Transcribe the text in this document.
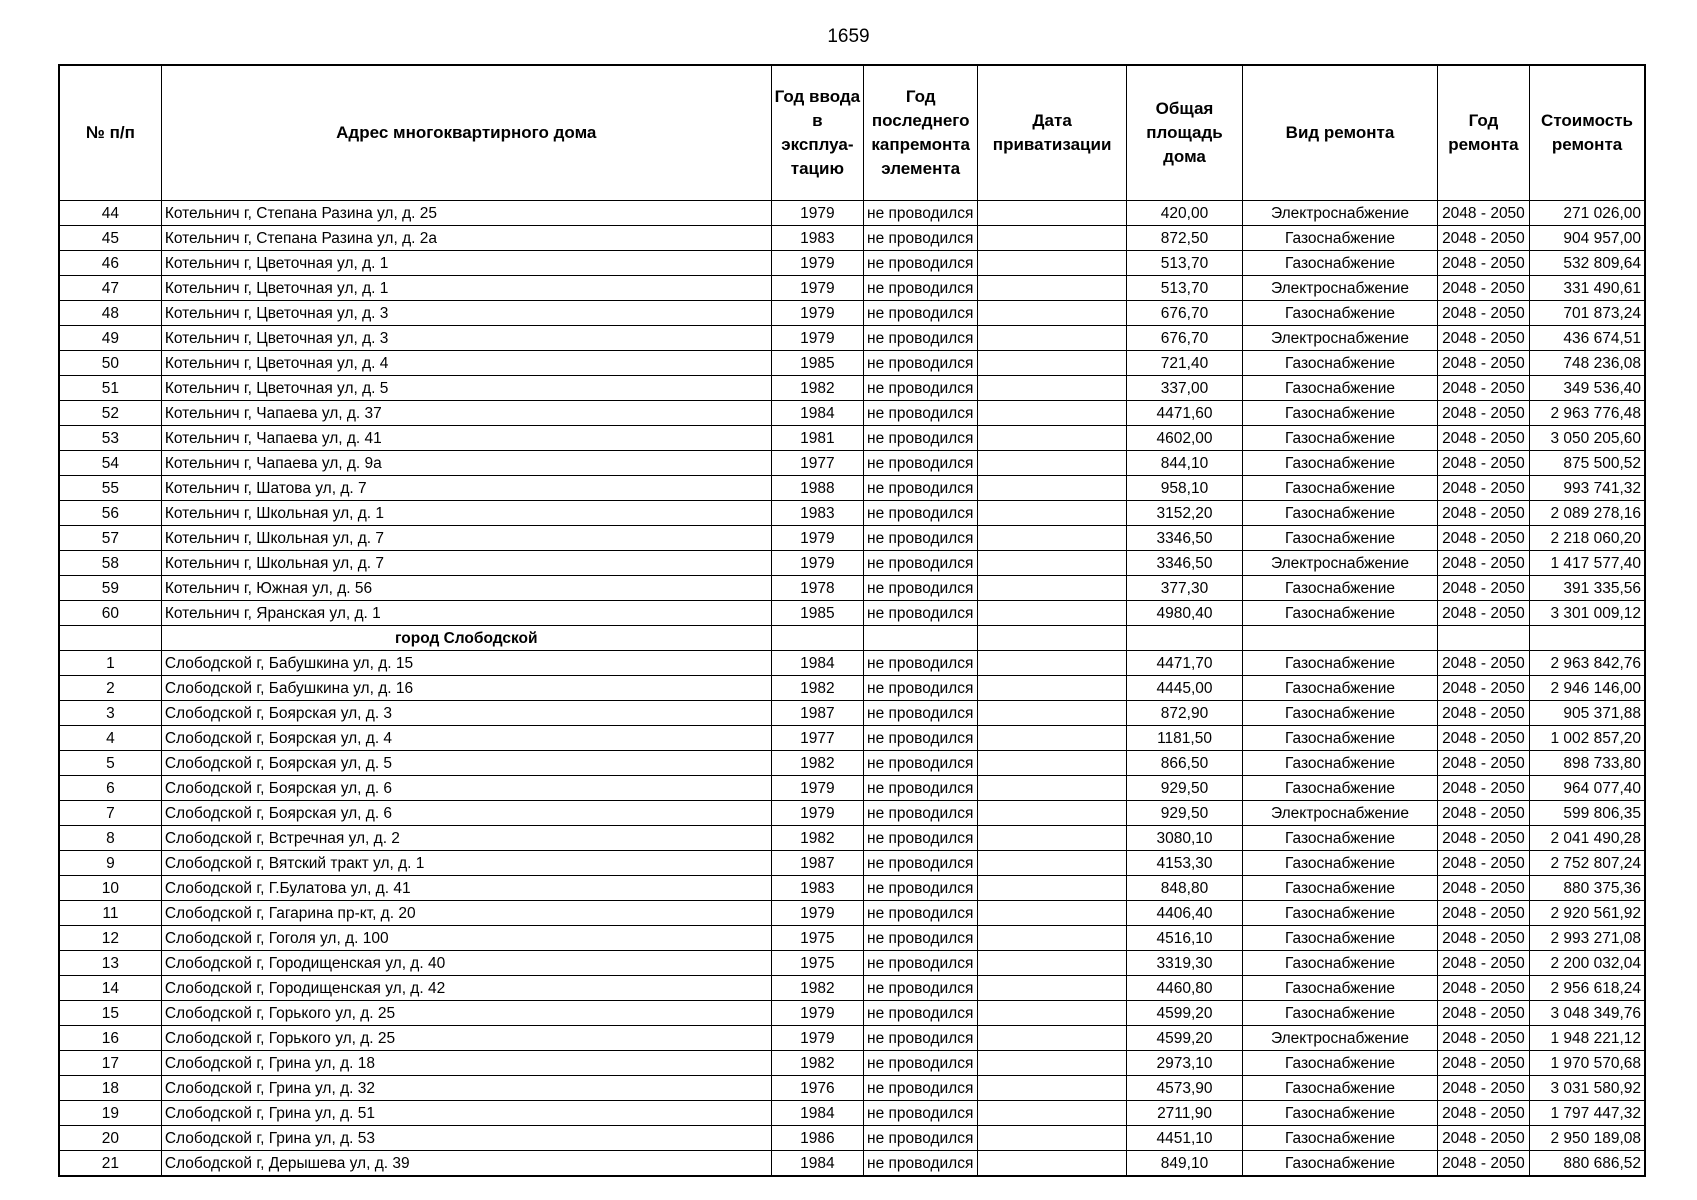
1659
№ п/п	Адрес многоквартирного дома	Год ввода в эксплуа-тацию	Год последнего капремонта элемента	Дата приватизации	Общая площадь дома	Вид ремонта	Год ремонта	Стоимость ремонта
44	Котельнич г, Степана Разина ул, д. 25	1979	не проводился		420,00	Электроснабжение	2048 - 2050	271 026,00
45	Котельнич г, Степана Разина ул, д. 2а	1983	не проводился		872,50	Газоснабжение	2048 - 2050	904 957,00
46	Котельнич г, Цветочная ул, д. 1	1979	не проводился		513,70	Газоснабжение	2048 - 2050	532 809,64
47	Котельнич г, Цветочная ул, д. 1	1979	не проводился		513,70	Электроснабжение	2048 - 2050	331 490,61
48	Котельнич г, Цветочная ул, д. 3	1979	не проводился		676,70	Газоснабжение	2048 - 2050	701 873,24
49	Котельнич г, Цветочная ул, д. 3	1979	не проводился		676,70	Электроснабжение	2048 - 2050	436 674,51
50	Котельнич г, Цветочная ул, д. 4	1985	не проводился		721,40	Газоснабжение	2048 - 2050	748 236,08
51	Котельнич г, Цветочная ул, д. 5	1982	не проводился		337,00	Газоснабжение	2048 - 2050	349 536,40
52	Котельнич г, Чапаева ул, д. 37	1984	не проводился		4471,60	Газоснабжение	2048 - 2050	2 963 776,48
53	Котельнич г, Чапаева ул, д. 41	1981	не проводился		4602,00	Газоснабжение	2048 - 2050	3 050 205,60
54	Котельнич г, Чапаева ул, д. 9а	1977	не проводился		844,10	Газоснабжение	2048 - 2050	875 500,52
55	Котельнич г, Шатова ул, д. 7	1988	не проводился		958,10	Газоснабжение	2048 - 2050	993 741,32
56	Котельнич г, Школьная ул, д. 1	1983	не проводился		3152,20	Газоснабжение	2048 - 2050	2 089 278,16
57	Котельнич г, Школьная ул, д. 7	1979	не проводился		3346,50	Газоснабжение	2048 - 2050	2 218 060,20
58	Котельнич г, Школьная ул, д. 7	1979	не проводился		3346,50	Электроснабжение	2048 - 2050	1 417 577,40
59	Котельнич г, Южная ул, д. 56	1978	не проводился		377,30	Газоснабжение	2048 - 2050	391 335,56
60	Котельнич г, Яранская ул, д. 1	1985	не проводился		4980,40	Газоснабжение	2048 - 2050	3 301 009,12
	город Слободской							
1	Слободской г, Бабушкина ул, д. 15	1984	не проводился		4471,70	Газоснабжение	2048 - 2050	2 963 842,76
2	Слободской г, Бабушкина ул, д. 16	1982	не проводился		4445,00	Газоснабжение	2048 - 2050	2 946 146,00
3	Слободской г, Боярская ул, д. 3	1987	не проводился		872,90	Газоснабжение	2048 - 2050	905 371,88
4	Слободской г, Боярская ул, д. 4	1977	не проводился		1181,50	Газоснабжение	2048 - 2050	1 002 857,20
5	Слободской г, Боярская ул, д. 5	1982	не проводился		866,50	Газоснабжение	2048 - 2050	898 733,80
6	Слободской г, Боярская ул, д. 6	1979	не проводился		929,50	Газоснабжение	2048 - 2050	964 077,40
7	Слободской г, Боярская ул, д. 6	1979	не проводился		929,50	Электроснабжение	2048 - 2050	599 806,35
8	Слободской г, Встречная ул, д. 2	1982	не проводился		3080,10	Газоснабжение	2048 - 2050	2 041 490,28
9	Слободской г, Вятский тракт ул, д. 1	1987	не проводился		4153,30	Газоснабжение	2048 - 2050	2 752 807,24
10	Слободской г, Г.Булатова ул, д. 41	1983	не проводился		848,80	Газоснабжение	2048 - 2050	880 375,36
11	Слободской г, Гагарина пр-кт, д. 20	1979	не проводился		4406,40	Газоснабжение	2048 - 2050	2 920 561,92
12	Слободской г, Гоголя ул, д. 100	1975	не проводился		4516,10	Газоснабжение	2048 - 2050	2 993 271,08
13	Слободской г, Городищенская ул, д. 40	1975	не проводился		3319,30	Газоснабжение	2048 - 2050	2 200 032,04
14	Слободской г, Городищенская ул, д. 42	1982	не проводился		4460,80	Газоснабжение	2048 - 2050	2 956 618,24
15	Слободской г, Горького ул, д. 25	1979	не проводился		4599,20	Газоснабжение	2048 - 2050	3 048 349,76
16	Слободской г, Горького ул, д. 25	1979	не проводился		4599,20	Электроснабжение	2048 - 2050	1 948 221,12
17	Слободской г, Грина ул, д. 18	1982	не проводился		2973,10	Газоснабжение	2048 - 2050	1 970 570,68
18	Слободской г, Грина ул, д. 32	1976	не проводился		4573,90	Газоснабжение	2048 - 2050	3 031 580,92
19	Слободской г, Грина ул, д. 51	1984	не проводился		2711,90	Газоснабжение	2048 - 2050	1 797 447,32
20	Слободской г, Грина ул, д. 53	1986	не проводился		4451,10	Газоснабжение	2048 - 2050	2 950 189,08
21	Слободской г, Дерышева ул, д. 39	1984	не проводился		849,10	Газоснабжение	2048 - 2050	880 686,52
